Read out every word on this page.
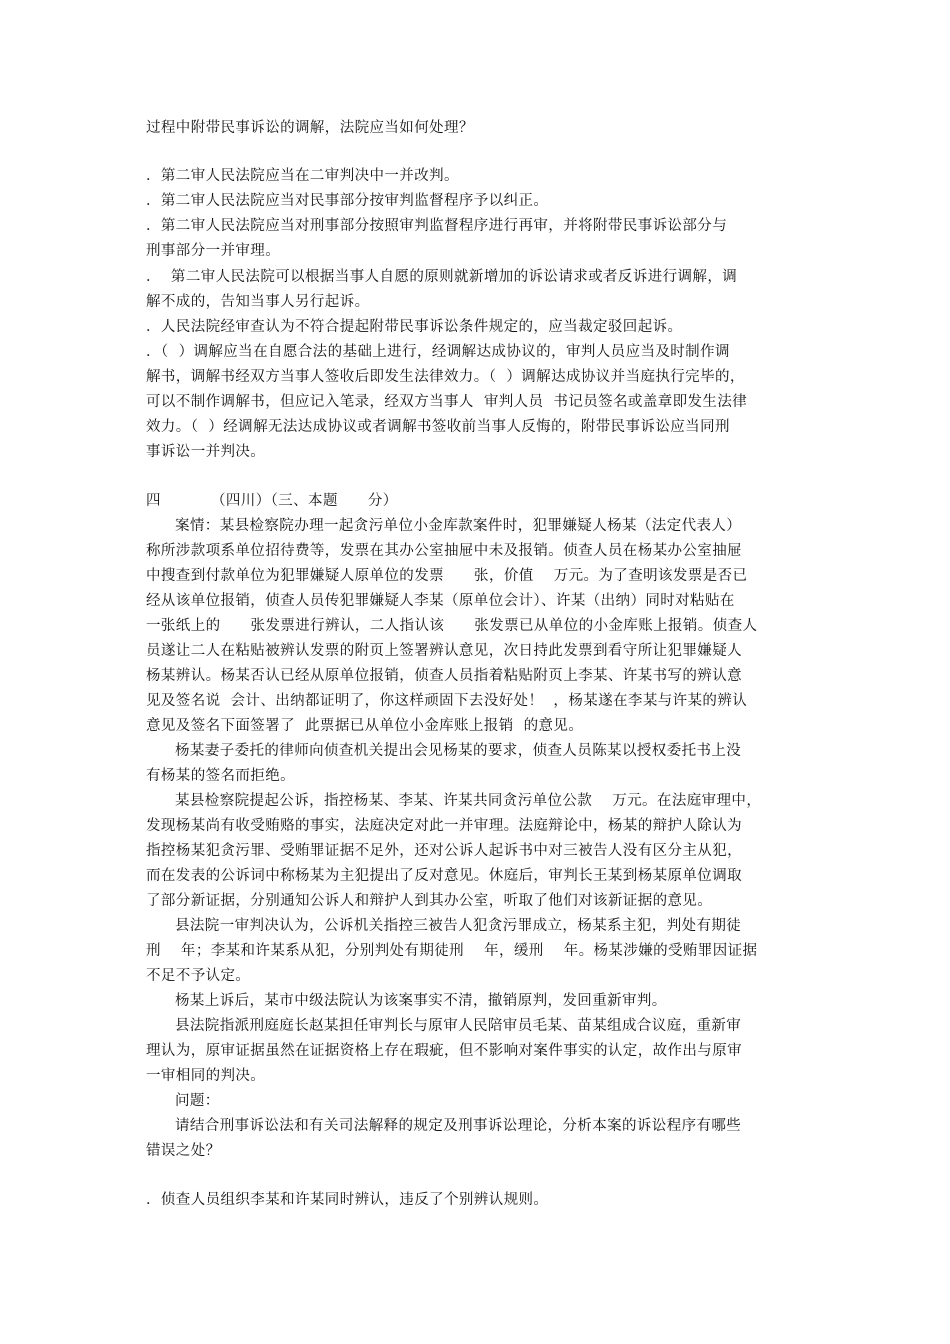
过程中附带民事诉讼的调解，法院应当如何处理？
．第二审人民法院应当在二审判决中一并改判。
．第二审人民法院应当对民事部分按审判监督程序予以纠正。
．第二审人民法院应当对刑事部分按照审判监督程序进行再审，并将附带民事诉讼部分与
刑事部分一并审理。
．  第二审人民法院可以根据当事人自愿的原则就新增加的诉讼请求或者反诉进行调解，调
解不成的，告知当事人另行起诉。
．人民法院经审查认为不符合提起附带民事诉讼条件规定的，应当裁定驳回起诉。
．（  ）调解应当在自愿合法的基础上进行，经调解达成协议的，审判人员应当及时制作调
解书，调解书经双方当事人签收后即发生法律效力。（  ）调解达成协议并当庭执行完毕的，
可以不制作调解书，但应记入笔录，经双方当事人  审判人员  书记员签名或盖章即发生法律
效力。（  ）经调解无法达成协议或者调解书签收前当事人反悔的，附带民事诉讼应当同刑
事诉讼一并判决。
四          （四川）（三、本题      分）
案情：某县检察院办理一起贪污单位小金库款案件时，犯罪嫌疑人杨某（法定代表人）
称所涉款项系单位招待费等，发票在其办公室抽屉中未及报销。侦查人员在杨某办公室抽屉
中搜查到付款单位为犯罪嫌疑人原单位的发票      张，价值    万元。为了查明该发票是否已
经从该单位报销，侦查人员传犯罪嫌疑人李某（原单位会计）、许某（出纳）同时对粘贴在
一张纸上的      张发票进行辨认，二人指认该      张发票已从单位的小金库账上报销。侦查人
员遂让二人在粘贴被辨认发票的附页上签署辨认意见，次日持此发票到看守所让犯罪嫌疑人
杨某辨认。杨某否认已经从原单位报销，侦查人员指着粘贴附页上李某、许某书写的辨认意
见及签名说  会计、出纳都证明了，你这样顽固下去没好处！  ，杨某遂在李某与许某的辨认
意见及签名下面签署了  此票据已从单位小金库账上报销  的意见。
杨某妻子委托的律师向侦查机关提出会见杨某的要求，侦查人员陈某以授权委托书上没
有杨某的签名而拒绝。
某县检察院提起公诉，指控杨某、李某、许某共同贪污单位公款    万元。在法庭审理中，
发现杨某尚有收受贿赂的事实，法庭决定对此一并审理。法庭辩论中，杨某的辩护人除认为
指控杨某犯贪污罪、受贿罪证据不足外，还对公诉人起诉书中对三被告人没有区分主从犯，
而在发表的公诉词中称杨某为主犯提出了反对意见。休庭后，审判长王某到杨某原单位调取
了部分新证据，分别通知公诉人和辩护人到其办公室，听取了他们对该新证据的意见。
县法院一审判决认为，公诉机关指控三被告人犯贪污罪成立，杨某系主犯，判处有期徒
刑    年；李某和许某系从犯，分别判处有期徒刑    年，缓刑    年。杨某涉嫌的受贿罪因证据
不足不予认定。
杨某上诉后，某市中级法院认为该案事实不清，撤销原判，发回重新审判。
县法院指派刑庭庭长赵某担任审判长与原审人民陪审员毛某、苗某组成合议庭，重新审
理认为，原审证据虽然在证据资格上存在瑕疵，但不影响对案件事实的认定，故作出与原审
一审相同的判决。
问题：
请结合刑事诉讼法和有关司法解释的规定及刑事诉讼理论，分析本案的诉讼程序有哪些
错误之处？
．侦查人员组织李某和许某同时辨认，违反了个别辨认规则。
